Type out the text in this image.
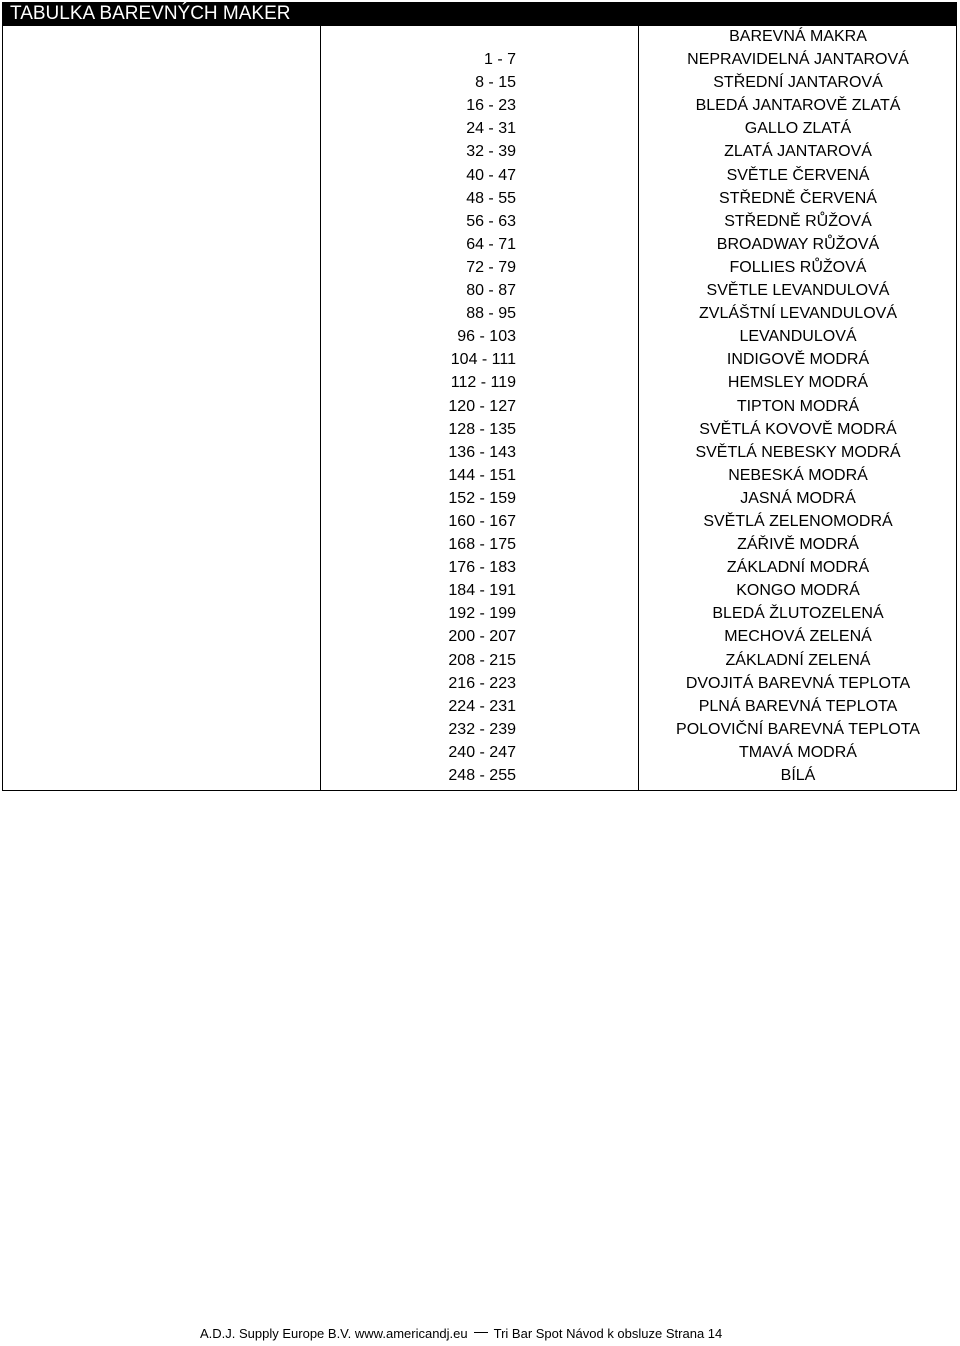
TABULKA BAREVNÝCH MAKER
BAREVNÁ MAKRA
1 - 7	NEPRAVIDELNÁ JANTAROVÁ
8 - 15	STŘEDNÍ JANTAROVÁ
16 - 23	BLEDÁ JANTAROVĚ ZLATÁ
24 - 31	GALLO ZLATÁ
32 - 39	ZLATÁ JANTAROVÁ
40 - 47	SVĚTLE ČERVENÁ
48 - 55	STŘEDNĚ ČERVENÁ
56 - 63	STŘEDNĚ RŮŽOVÁ
64 - 71	BROADWAY RŮŽOVÁ
72 - 79	FOLLIES RŮŽOVÁ
80 - 87	SVĚTLE LEVANDULOVÁ
88 - 95	ZVLÁŠTNÍ LEVANDULOVÁ
96 - 103	LEVANDULOVÁ
104 - 111	INDIGOVĚ MODRÁ
112 - 119	HEMSLEY MODRÁ
120 - 127	TIPTON MODRÁ
128 - 135	SVĚTLÁ KOVOVĚ MODRÁ
136 - 143	SVĚTLÁ NEBESKY MODRÁ
144 - 151	NEBESKÁ MODRÁ
152 - 159	JASNÁ MODRÁ
160 - 167	SVĚTLÁ ZELENOMODRÁ
168 - 175	ZÁŘIVĚ MODRÁ
176 - 183	ZÁKLADNÍ MODRÁ
184 - 191	KONGO MODRÁ
192 - 199	BLEDÁ ŽLUTOZELENÁ
200 - 207	MECHOVÁ ZELENÁ
208 - 215	ZÁKLADNÍ ZELENÁ
216 - 223	DVOJITÁ BAREVNÁ TEPLOTA
224 - 231	PLNÁ BAREVNÁ TEPLOTA
232 - 239	POLOVIČNÍ BAREVNÁ TEPLOTA
240 - 247	TMAVÁ MODRÁ
248 - 255	BÍLÁ
A.D.J. Supply Europe B.V. www.americandj.eu Tri Bar Spot Návod k obsluze Strana 14
